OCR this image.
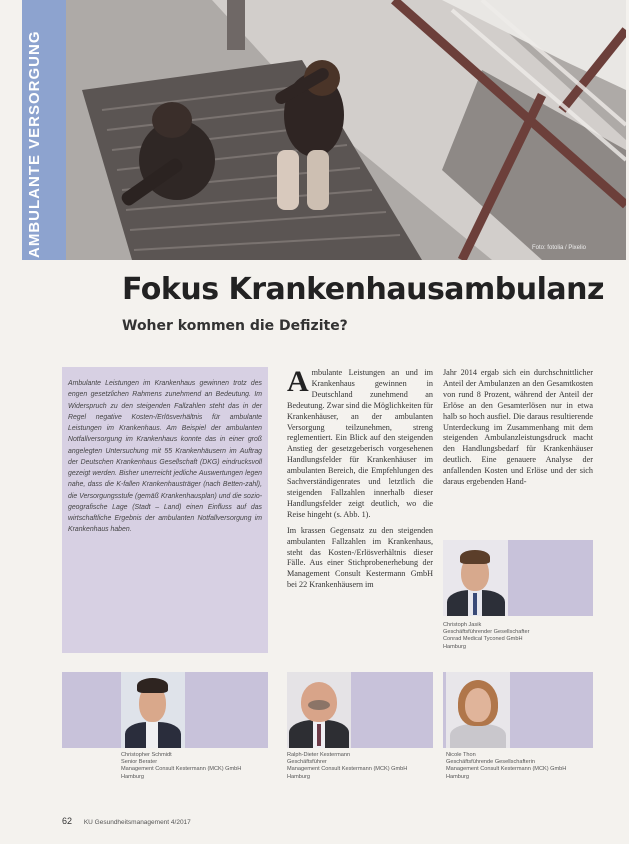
Foto: fotolia / Pixelio
AMBULANTE VERSORGUNG
Fokus Krankenhausambulanz
Woher kommen die Defizite?
Ambulante Leistungen im Krankenhaus gewinnen trotz des engen gesetzlichen Rahmens zunehmend an Bedeutung. Im Widerspruch zu den steigenden Fallzahlen steht das in der Regel negative Kosten-/Erlösverhältnis für ambulante Leistungen im Krankenhaus. Am Beispiel der ambulanten Notfallversorgung im Krankenhaus konnte das in einer groß angelegten Untersuchung mit 55 Krankenhäusern im Auftrag der Deutschen Krankenhaus Gesellschaft (DKG) eindrucksvoll gezeigt werden. Bisher unerreicht jedliche Auswertungen legen nahe, dass die K-fallen Krankenhausträger (nach Betten-zahl), die Versorgungsstufe (gemäß Krankenhausplan) und die sozio-geografische Lage (Stadt – Land) einen Einfluss auf das wirtschaftliche Ergebnis der ambulanten Notfallversorgung im Krankenhaus haben.

Ambulante Leistungen an und im Krankenhaus gewinnen in Deutschland zunehmend an Bedeutung. Zwar sind die Möglichkeiten für Krankenhäuser, an der ambulanten Versorgung teilzunehmen, streng reglementiert. Ein Blick auf den steigenden Anstieg der gesetzgeberisch vorgesehenen Handlungsfelder für Krankenhäuser im ambulanten Bereich, die Empfehlungen des Sachverständigenrates und letztlich die steigenden Fallzahlen innerhalb dieser Handlungsfelder zeigt deutlich, wo die Reise hingeht (s. Abb. 1).

Im krassen Gegensatz zu den steigenden ambulanten Fallzahlen im Krankenhaus, steht das Kosten-/Erlösverhältnis dieser Fälle. Aus einer Stichprobenerhebung der Management Consult Kestermann GmbH bei 22 Krankenhäusern im

Jahr 2014 ergab sich ein durchschnittlicher Anteil der Ambulanzen an den Gesamtkosten von rund 8 Prozent, während der Anteil der Erlöse an den Gesamterlösen nur in etwa halb so hoch ausfiel. Die daraus resultierende Unterdeckung im Zusammenhang mit dem steigenden Ambulanzleistungsdruck macht den Handlungsbedarf für Krankenhäuser deutlich. Eine genauere Analyse der anfallenden Kosten und Erlöse und der sich daraus ergebenden Hand-

Christoph Jasik
Geschäftsführender Gesellschafter
Conrad Medical Tyconed GmbH
Hamburg
Christopher Schmidt
Senior Berater
Management Consult Kestermann (MCK) GmbH
Hamburg
Ralph-Dieter Kestermann
Geschäftsführer
Management Consult Kestermann (MCK) GmbH
Hamburg
Nicole Thon
Geschäftsführende Gesellschafterin
Management Consult Kestermann (MCK) GmbH
Hamburg
62 KU Gesundheitsmanagement 4/2017
